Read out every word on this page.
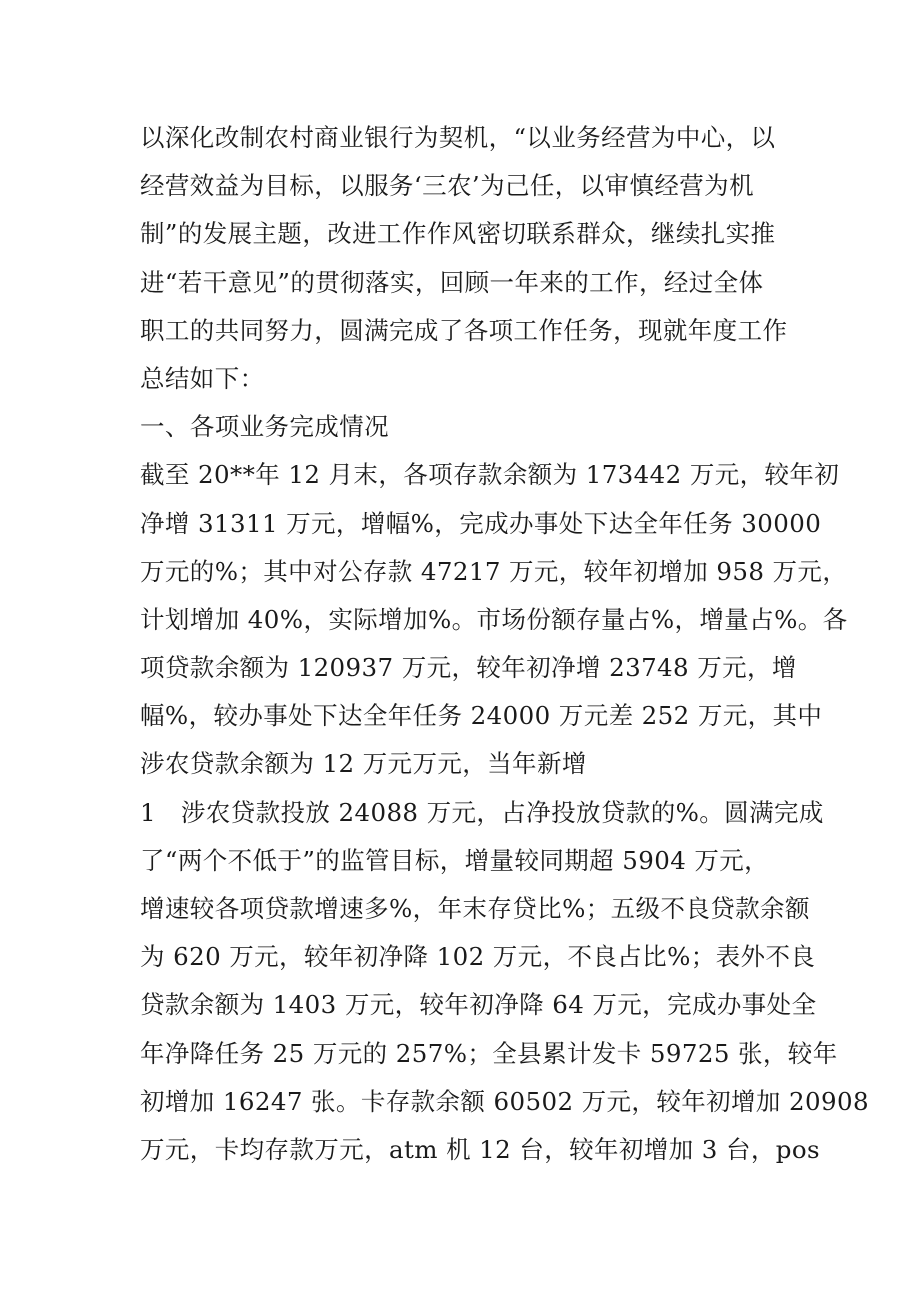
以深化改制农村商业银行为契机，“以业务经营为中心，以
经营效益为目标，以服务‘三农’为己任，以审慎经营为机
制”的发展主题，改进工作作风密切联系群众，继续扎实推
进“若干意见”的贯彻落实，回顾一年来的工作，经过全体
职工的共同努力，圆满完成了各项工作任务，现就年度工作
总结如下：
一、各项业务完成情况
截至 20**年 12 月末，各项存款余额为 173442 万元，较年初
净增 31311 万元，增幅%，完成办事处下达全年任务 30000
万元的%；其中对公存款 47217 万元，较年初增加 958 万元，
计划增加 40%，实际增加%。市场份额存量占%，增量占%。各
项贷款余额为 120937 万元，较年初净增 23748 万元，增
幅%，较办事处下达全年任务 24000 万元差 252 万元，其中
涉农贷款余额为 12 万元万元，当年新增
1　涉农贷款投放 24088 万元，占净投放贷款的%。圆满完成
了“两个不低于”的监管目标，增量较同期超 5904 万元，
增速较各项贷款增速多%，年末存贷比%；五级不良贷款余额
为 620 万元，较年初净降 102 万元，不良占比%；表外不良
贷款余额为 1403 万元，较年初净降 64 万元，完成办事处全
年净降任务 25 万元的 257%；全县累计发卡 59725 张，较年
初增加 16247 张。卡存款余额 60502 万元，较年初增加 20908
万元，卡均存款万元，atm 机 12 台，较年初增加 3 台，pos
